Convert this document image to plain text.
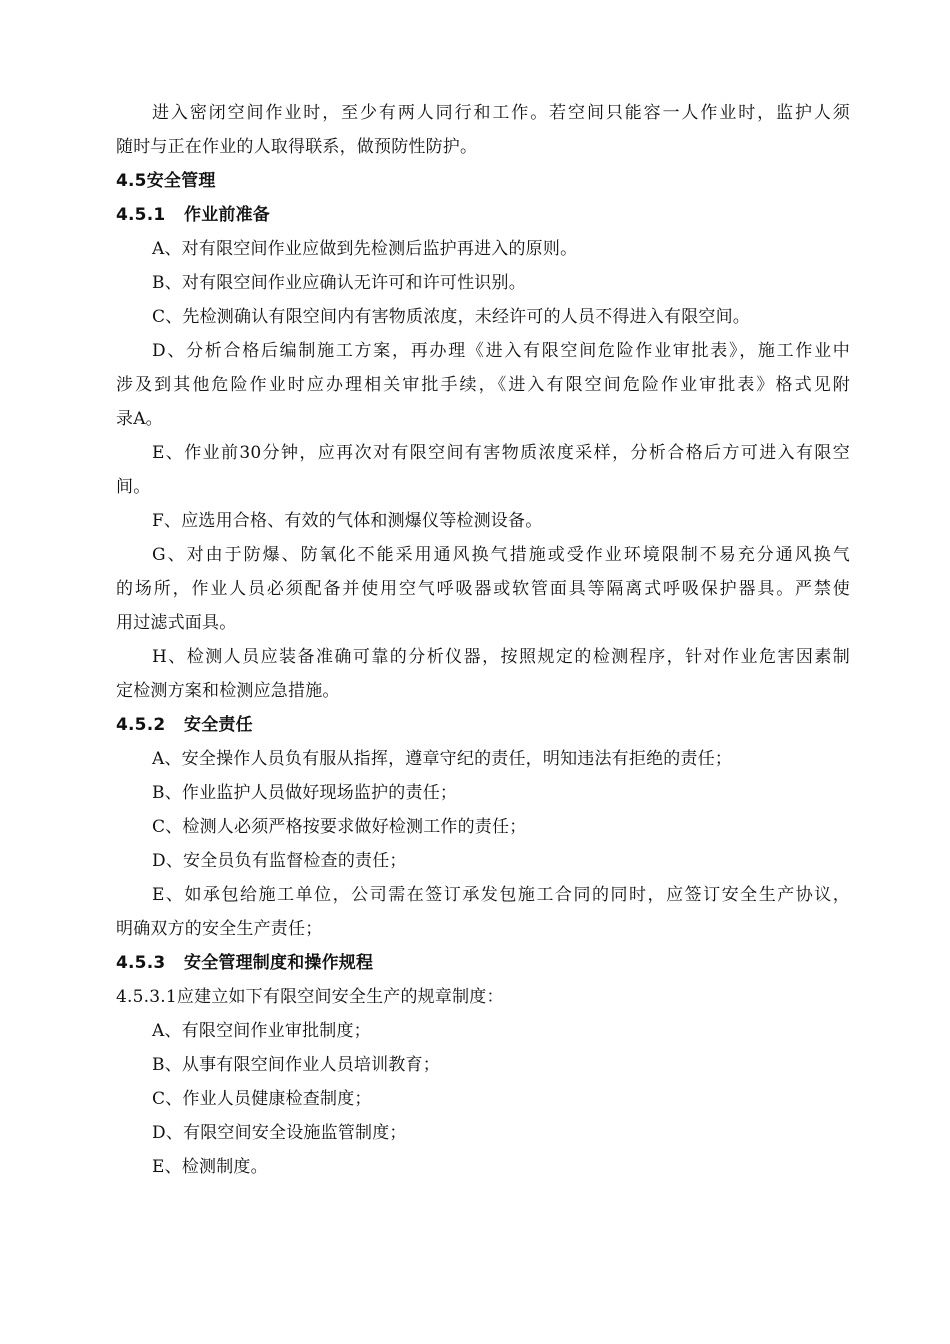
进入密闭空间作业时，至少有两人同行和工作。若空间只能容一人作业时，监护人须
随时与正在作业的人取得联系，做预防性防护。
4.5安全管理
4.5.1 作业前准备
A、对有限空间作业应做到先检测后监护再进入的原则。
B、对有限空间作业应确认无许可和许可性识别。
C、先检测确认有限空间内有害物质浓度，未经许可的人员不得进入有限空间。
D、分析合格后编制施工方案，再办理《进入有限空间危险作业审批表》，施工作业中
涉及到其他危险作业时应办理相关审批手续，《进入有限空间危险作业审批表》格式见附
录A。
E、作业前30分钟，应再次对有限空间有害物质浓度采样，分析合格后方可进入有限空
间。
F、应选用合格、有效的气体和测爆仪等检测设备。
G、对由于防爆、防氧化不能采用通风换气措施或受作业环境限制不易充分通风换气
的场所，作业人员必须配备并使用空气呼吸器或软管面具等隔离式呼吸保护器具。严禁使
用过滤式面具。
H、检测人员应装备准确可靠的分析仪器，按照规定的检测程序，针对作业危害因素制
定检测方案和检测应急措施。
4.5.2 安全责任
A、安全操作人员负有服从指挥，遵章守纪的责任，明知违法有拒绝的责任；
B、作业监护人员做好现场监护的责任；
C、检测人必须严格按要求做好检测工作的责任；
D、安全员负有监督检查的责任；
E、如承包给施工单位，公司需在签订承发包施工合同的同时，应签订安全生产协议，
明确双方的安全生产责任；
4.5.3 安全管理制度和操作规程
4.5.3.1应建立如下有限空间安全生产的规章制度：
A、有限空间作业审批制度；
B、从事有限空间作业人员培训教育；
C、作业人员健康检查制度；
D、有限空间安全设施监管制度；
E、检测制度。
